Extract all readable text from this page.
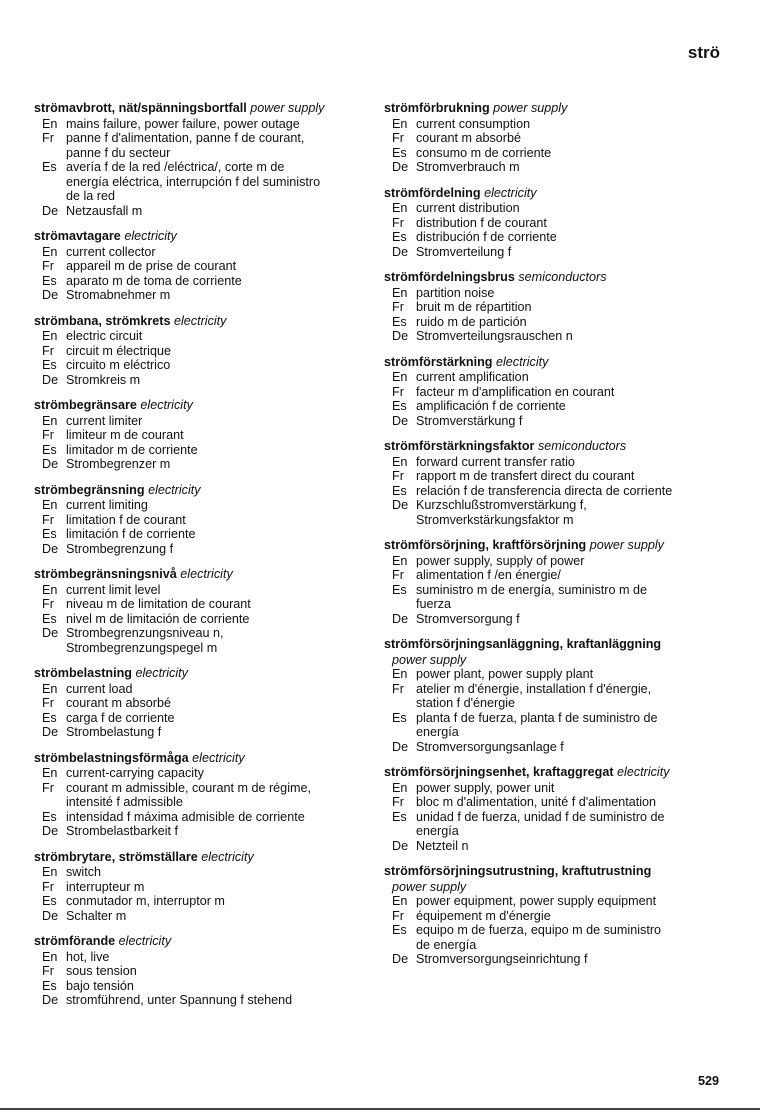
strö
strömavbrott, nät/spänningsbortfall power supply
En mains failure, power failure, power outage
Fr panne f d'alimentation, panne f de courant,
panne f du secteur
Es avería f de la red /eléctrica/, corte m de
energía eléctrica, interrupción f del suministro
de la red
De Netzausfall m
strömavtagare electricity
En current collector
Fr appareil m de prise de courant
Es aparato m de toma de corriente
De Stromabnehmer m
strömbana, strömkrets electricity
En electric circuit
Fr circuit m électrique
Es circuito m eléctrico
De Stromkreis m
strömbegränsare electricity
En current limiter
Fr limiteur m de courant
Es limitador m de corriente
De Strombegrenzer m
strömbegränsning electricity
En current limiting
Fr limitation f de courant
Es limitación f de corriente
De Strombegrenzung f
strömbegränsningsnivå electricity
En current limit level
Fr niveau m de limitation de courant
Es nivel m de limitación de corriente
De Strombegrenzungsniveau n,
Strombegrenzungspegel m
strömbelastning electricity
En current load
Fr courant m absorbé
Es carga f de corriente
De Strombelastung f
strömbelastningsförmåga electricity
En current-carrying capacity
Fr courant m admissible, courant m de régime,
intensité f admissible
Es intensidad f máxima admisible de corriente
De Strombelastbarkeit f
strömbrytare, strömställare electricity
En switch
Fr interrupteur m
Es conmutador m, interruptor m
De Schalter m
strömförande electricity
En hot, live
Fr sous tension
Es bajo tensión
De stromführend, unter Spannung f stehend
strömförbrukning power supply
En current consumption
Fr courant m absorbé
Es consumo m de corriente
De Stromverbrauch m
strömfördelning electricity
En current distribution
Fr distribution f de courant
Es distribución f de corriente
De Stromverteilung f
strömfördelningsbrus semiconductors
En partition noise
Fr bruit m de répartition
Es ruido m de partición
De Stromverteilungsrauschen n
strömförstärkning electricity
En current amplification
Fr facteur m d'amplification en courant
Es amplificación f de corriente
De Stromverstärkung f
strömförstärkningsfaktor semiconductors
En forward current transfer ratio
Fr rapport m de transfert direct du courant
Es relación f de transferencia directa de corriente
De Kurzschlußstromverstärkung f,
Stromverkstärkungsfaktor m
strömförsörjning, kraftförsörjning power supply
En power supply, supply of power
Fr alimentation f /en énergie/
Es suministro m de energía, suministro m de
fuerza
De Stromversorgung f
strömförsörjningsanläggning, kraftanläggning
power supply
En power plant, power supply plant
Fr atelier m d'énergie, installation f d'énergie,
station f d'énergie
Es planta f de fuerza, planta f de suministro de
energía
De Stromversorgungsanlage f
strömförsörjningsenhet, kraftaggregat electricity
En power supply, power unit
Fr bloc m d'alimentation, unité f d'alimentation
Es unidad f de fuerza, unidad f de suministro de
energía
De Netzteil n
strömförsörjningsutrustning, kraftutrustning
power supply
En power equipment, power supply equipment
Fr équipement m d'énergie
Es equipo m de fuerza, equipo m de suministro
de energía
De Stromversorgungseinrichtung f
529
